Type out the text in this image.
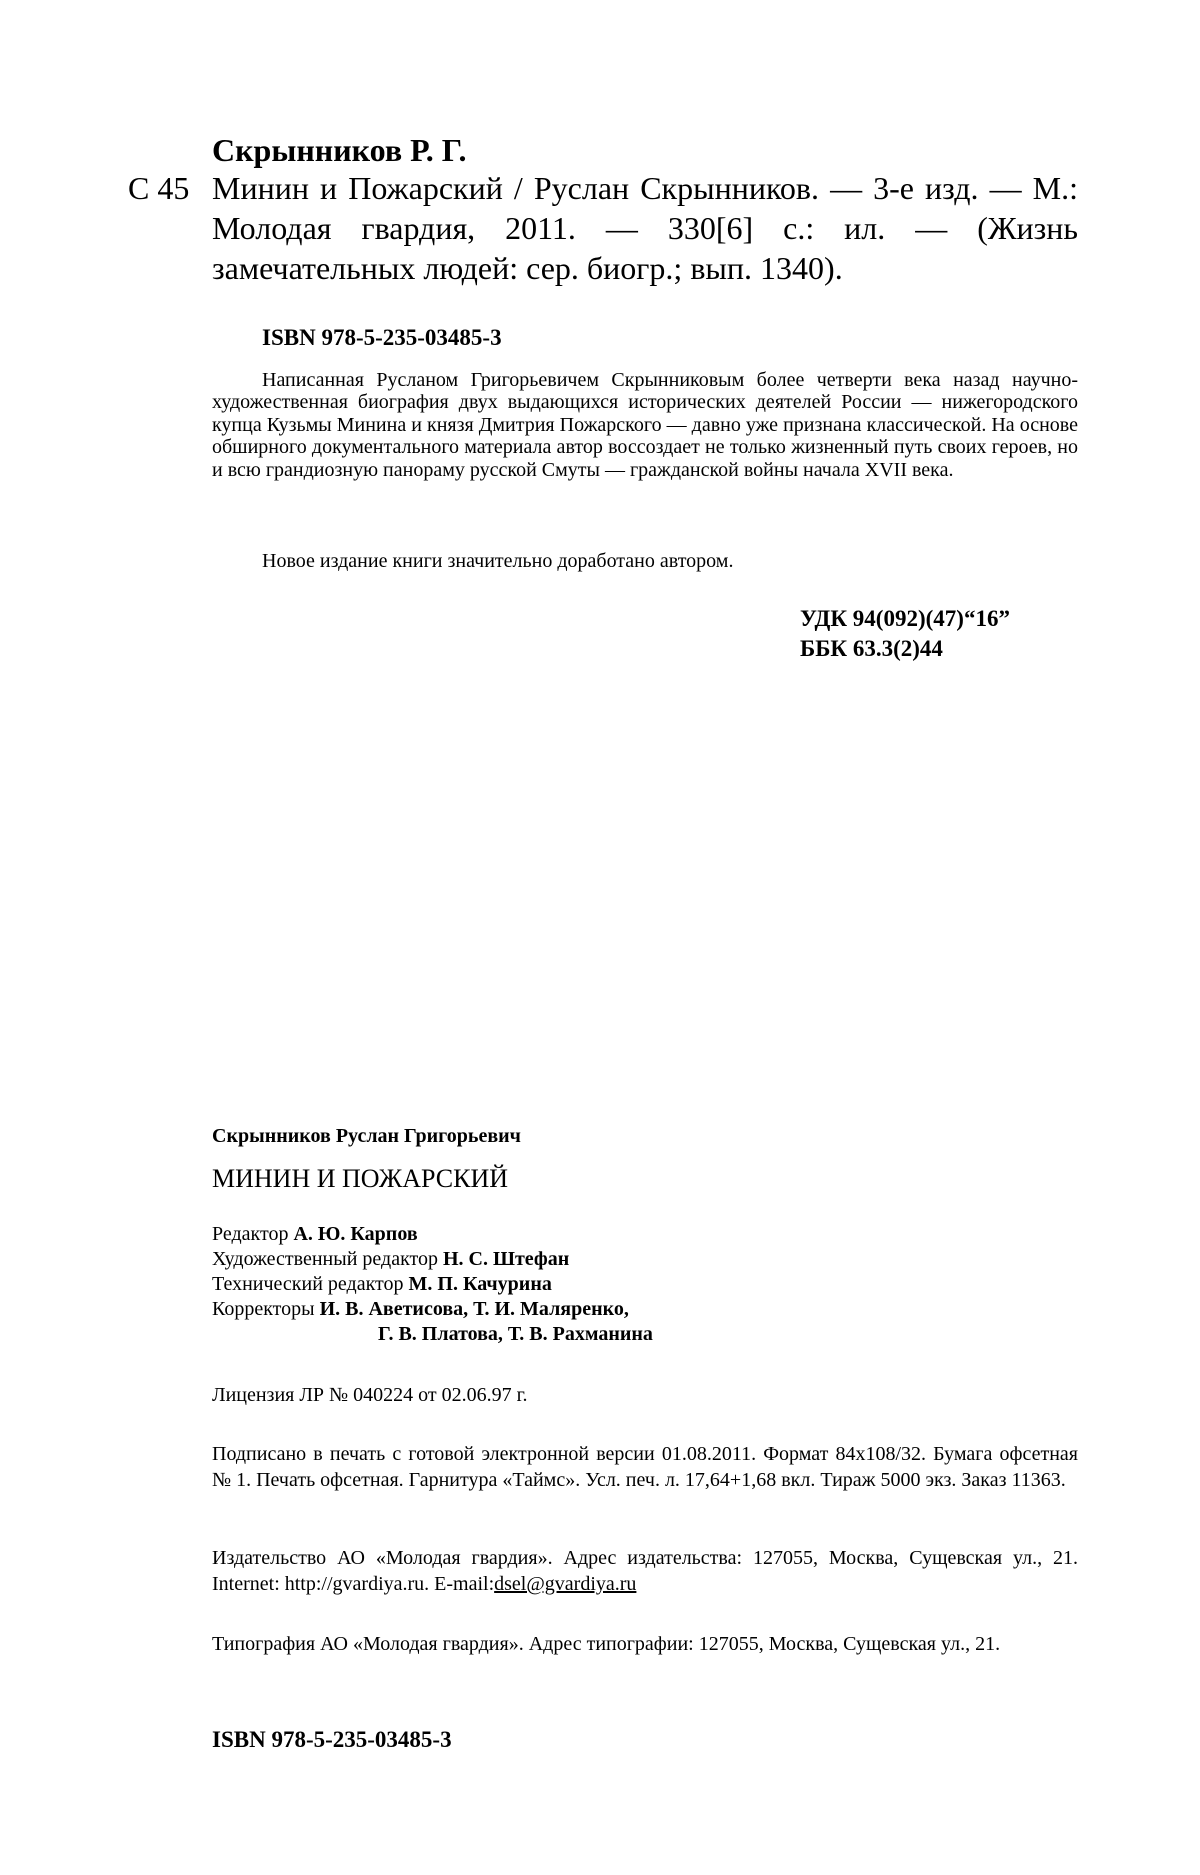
Скрынников Р. Г.
С 45 Минин и Пожарский / Руслан Скрынников. — 3-е изд. — М.: Молодая гвардия, 2011. — 330[6] с.: ил. — (Жизнь замечательных людей: сер. биогр.; вып. 1340).
ISBN 978-5-235-03485-3
Написанная Русланом Григорьевичем Скрынниковым более четверти века назад научно-художественная биография двух выдающихся исторических деятелей России — нижегородского купца Кузьмы Минина и князя Дмитрия Пожарского — давно уже признана классической. На основе обширного документального материала автор воссоздает не только жизненный путь своих героев, но и всю грандиозную панораму русской Смуты — гражданской войны начала XVII века.
Новое издание книги значительно доработано автором.
УДК 94(092)(47)“16”
ББК 63.3(2)44
Скрынников Руслан Григорьевич
МИНИН И ПОЖАРСКИЙ
Редактор А. Ю. Карпов
Художественный редактор Н. С. Штефан
Технический редактор М. П. Качурина
Корректоры И. В. Аветисова, Т. И. Маляренко,
Г. В. Платова, Т. В. Рахманина
Лицензия ЛР № 040224 от 02.06.97 г.
Подписано в печать с готовой электронной версии 01.08.2011. Формат 84х108/32. Бумага офсетная № 1. Печать офсетная. Гарнитура «Таймс». Усл. печ. л. 17,64+1,68 вкл. Тираж 5000 экз. Заказ 11363.
Издательство АО «Молодая гвардия». Адрес издательства: 127055, Москва, Сущевская ул., 21. Internet: http://gvardiya.ru. E-mail:dsel@gvardiya.ru
Типография АО «Молодая гвардия». Адрес типографии: 127055, Москва, Сущевская ул., 21.
ISBN 978-5-235-03485-3
